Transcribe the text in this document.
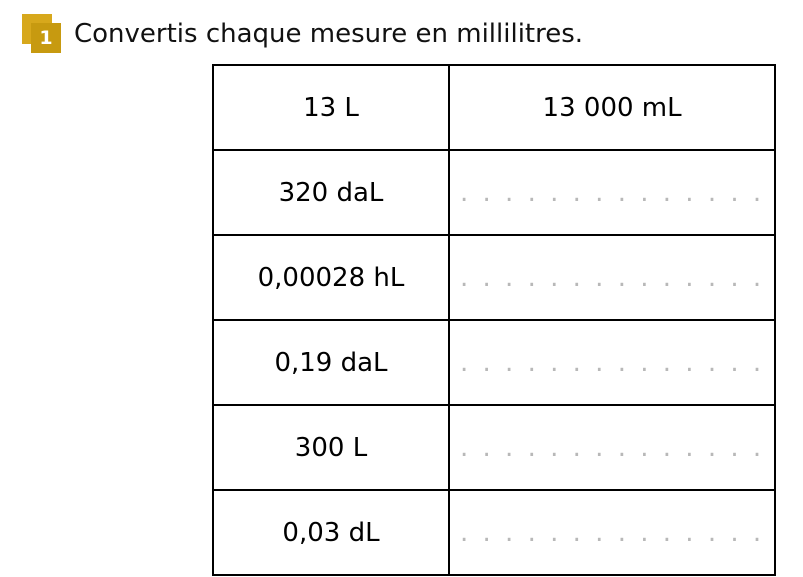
1 Convertis chaque mesure en millilitres.
13 L	13 000 mL
320 daL	. . . . . . . . . . . . . .
0,00028 hL	. . . . . . . . . . . . . .
0,19 daL	. . . . . . . . . . . . . .
300 L	. . . . . . . . . . . . . .
0,03 dL	. . . . . . . . . . . . . .
